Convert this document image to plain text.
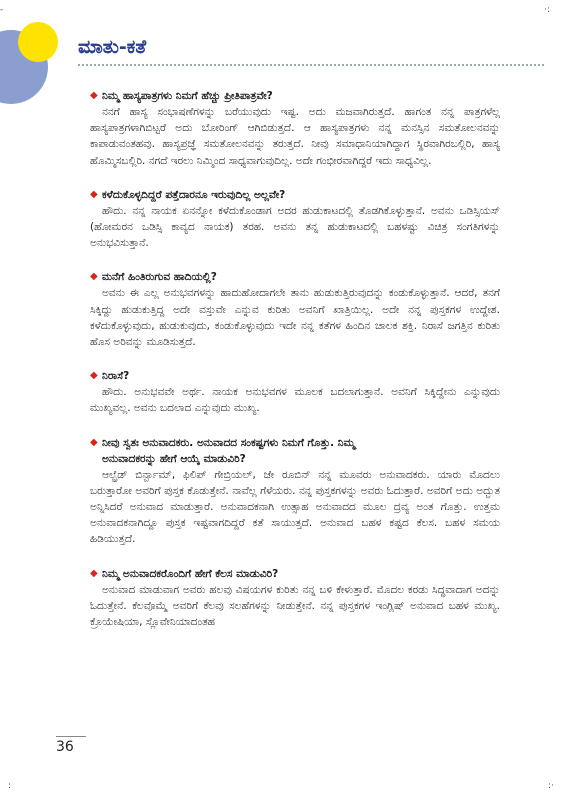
-	·:
:	:·
ಮಾತು-ಕತೆ
◆ ನಿಮ್ಮ ಹಾಸ್ಯಪಾತ್ರಗಳು ನಿಮಗೆ ಹೆಚ್ಚು ಪ್ರೀತಿಪಾತ್ರವೇ?
ನನಗೆ ಹಾಸ್ಯ ಸಂಭಾಷಣೆಗಳನ್ನು ಬರೆಯುವುದು ಇಷ್ಟ. ಅದು ಮಜವಾಗಿರುತ್ತದೆ. ಹಾಗಂತ ನನ್ನ ಪಾತ್ರಗಳೆಲ್ಲ ಹಾಸ್ಯಪಾತ್ರಗಳಾಗಿಬಿಟ್ಟರೆ ಅದು ಬೋರಿಂಗ್ ಆಗಿಬಿಡುತ್ತದೆ. ಆ ಹಾಸ್ಯಪಾತ್ರಗಳು ನನ್ನ ಮನಸ್ಸಿನ ಸಮತೋಲನವನ್ನು ಕಾಪಾಡುವಂತಹವು. ಹಾಸ್ಯಪ್ರಜ್ಞೆ ಸಮತೋಲನವನ್ನು ತರುತ್ತದೆ. ನೀವು ಸಮಾಧಾನಿಯಾಗಿದ್ದಾಗ ಸ್ಥಿರವಾಗಿರಬಲ್ಲಿರಿ, ಹಾಸ್ಯ ಹೊಮ್ಮಿಸಬಲ್ಲಿರಿ. ನಗದೆ ಇರಲು ನಿಮ್ಮಿಂದ ಸಾಧ್ಯವಾಗುವುದಿಲ್ಲ. ಅದೇ ಗಂಭೀರವಾಗಿದ್ದರೆ ಇದು ಸಾಧ್ಯವಿಲ್ಲ.
◆ ಕಳೆದುಕೊಳ್ಳದಿದ್ದರೆ ಪತ್ತೆದಾರನೂ ಇರುವುದಿಲ್ಲ ಅಲ್ಲವೇ?
ಹೌದು. ನನ್ನ ನಾಯಕ ಏನನ್ನೋ ಕಳೆದುಕೊಂಡಾಗ ಅದರ ಹುಡುಕಾಟದಲ್ಲಿ ತೊಡಗಿಕೊಳ್ಳುತ್ತಾನೆ. ಅವನು ಒಡಿಸ್ಸಿಯಸ್ (ಹೋಮರನ ಒಡಿಸ್ಸಿ ಕಾವ್ಯದ ನಾಯಕ) ತರಹ. ಅವನು ತನ್ನ ಹುಡುಕಾಟದಲ್ಲಿ ಬಹಳಷ್ಟು ವಿಚಿತ್ರ ಸಂಗತಿಗಳನ್ನು ಅನುಭವಿಸುತ್ತಾನೆ.
◆ ಮನೆಗೆ ಹಿಂತಿರುಗುವ ಹಾದಿಯಲ್ಲಿ?
ಅವನು ಈ ಎಲ್ಲ ಅನುಭವಗಳನ್ನು ಹಾದುಹೋದಾಗಲೇ ತಾನು ಹುಡುಕುತ್ತಿರುವುದನ್ನು ಕಂಡುಕೊಳ್ಳುತ್ತಾನೆ. ಆದರೆ, ತನಗೆ ಸಿಕ್ಕಿದ್ದು ಹುಡುಕುತ್ತಿದ್ದ ಅದೇ ವಸ್ತುವೇ ಎನ್ನುವ ಕುರಿತು ಅವನಿಗೆ ಖಾತ್ರಿಯಿಲ್ಲ. ಅದೇ ನನ್ನ ಪುಸ್ತಕಗಳ ಉದ್ದೇಶ. ಕಳೆದುಕೊಳ್ಳುವುದು, ಹುಡುಕುವುದು, ಕಂಡುಕೊಳ್ಳುವುದು ಇದೇ ನನ್ನ ಕತೆಗಳ ಹಿಂದಿನ ಚಾಲಕ ಶಕ್ತಿ. ನಿರಾಸೆ ಜಗತ್ತಿನ ಕುರಿತು ಹೊಸ ಅರಿವನ್ನು ಮೂಡಿಸುತ್ತದೆ.
◆ ನಿರಾಸೆ?
ಹೌದು. ಅನುಭವವೇ ಅರ್ಥ. ನಾಯಕ ಅನುಭವಗಳ ಮೂಲಕ ಬದಲಾಗುತ್ತಾನೆ. ಅವನಿಗೆ ಸಿಕ್ಕಿದ್ದೇನು ಎನ್ನುವುದು ಮುಖ್ಯವಲ್ಲ. ಅವನು ಬದಲಾದ ಎನ್ನುವುದು ಮುಖ್ಯ.
◆ ನೀವು ಸ್ವತಃ ಅನುವಾದಕರು. ಅನುವಾದದ ಸಂಕಷ್ಟಗಳು ನಿಮಗೆ ಗೊತ್ತು. ನಿಮ್ಮ
ಅನುವಾದಕರನ್ನು ಹೇಗೆ ಆಯ್ಕೆ ಮಾಡುವಿರಿ?
ಆಲ್ಫ್ರೆಡ್ ಬಿರ್ನ್ಬಾಮ್, ಫಿಲಿಪ್ ಗೇಬ್ರಿಯಲ್, ಜೇ ರೂಬಿನ್ ನನ್ನ ಮೂವರು ಅನುವಾದಕರು. ಯಾರು ಮೊದಲು ಬರುತ್ತಾರೋ ಅವರಿಗೆ ಪುಸ್ತಕ ಕೊಡುತ್ತೇನೆ. ನಾವೆಲ್ಲ ಗೆಳೆಯರು. ನನ್ನ ಪುಸ್ತಕಗಳನ್ನು ಅವರು ಓದುತ್ತಾರೆ. ಅವರಿಗೆ ಅದು ಅದ್ಭುತ ಅನ್ನಿಸಿದರೆ ಅನುವಾದ ಮಾಡುತ್ತಾರೆ. ಅನುವಾದಕನಾಗಿ ಉತ್ಸಾಹ ಅನುವಾದದ ಮೂಲ ದ್ರವ್ಯ ಅಂತ ಗೊತ್ತು. ಉತ್ತಮ ಅನುವಾದಕನಾಗಿದ್ದೂ ಪುಸ್ತಕ ಇಷ್ಟವಾಗದಿದ್ದರೆ ಕತೆ ಸಾಯುತ್ತದೆ. ಅನುವಾದ ಬಹಳ ಕಷ್ಟದ ಕೆಲಸ. ಬಹಳ ಸಮಯ ಹಿಡಿಯುತ್ತದೆ.
◆ ನಿಮ್ಮ ಅನುವಾದಕರೊಂದಿಗೆ ಹೇಗೆ ಕೆಲಸ ಮಾಡುವಿರಿ?
ಅನುವಾದ ಮಾಡುವಾಗ ಅವರು ಹಲವು ವಿಷಯಗಳ ಕುರಿತು ನನ್ನ ಬಳಿ ಕೇಳುತ್ತಾರೆ. ಮೊದಲ ಕರಡು ಸಿದ್ಧವಾದಾಗ ಅದನ್ನು ಓದುತ್ತೇನೆ. ಕೆಲವೊಮ್ಮೆ ಅವರಿಗೆ ಕೆಲವು ಸಲಹೆಗಳನ್ನು ನೀಡುತ್ತೇನೆ. ನನ್ನ ಪುಸ್ತಕಗಳ ಇಂಗ್ಲಿಷ್ ಅನುವಾದ ಬಹಳ ಮುಖ್ಯ. ಕ್ರೊಯೇಷಿಯಾ, ಸ್ಲೊವೇನಿಯಾದಂತಹ
36
